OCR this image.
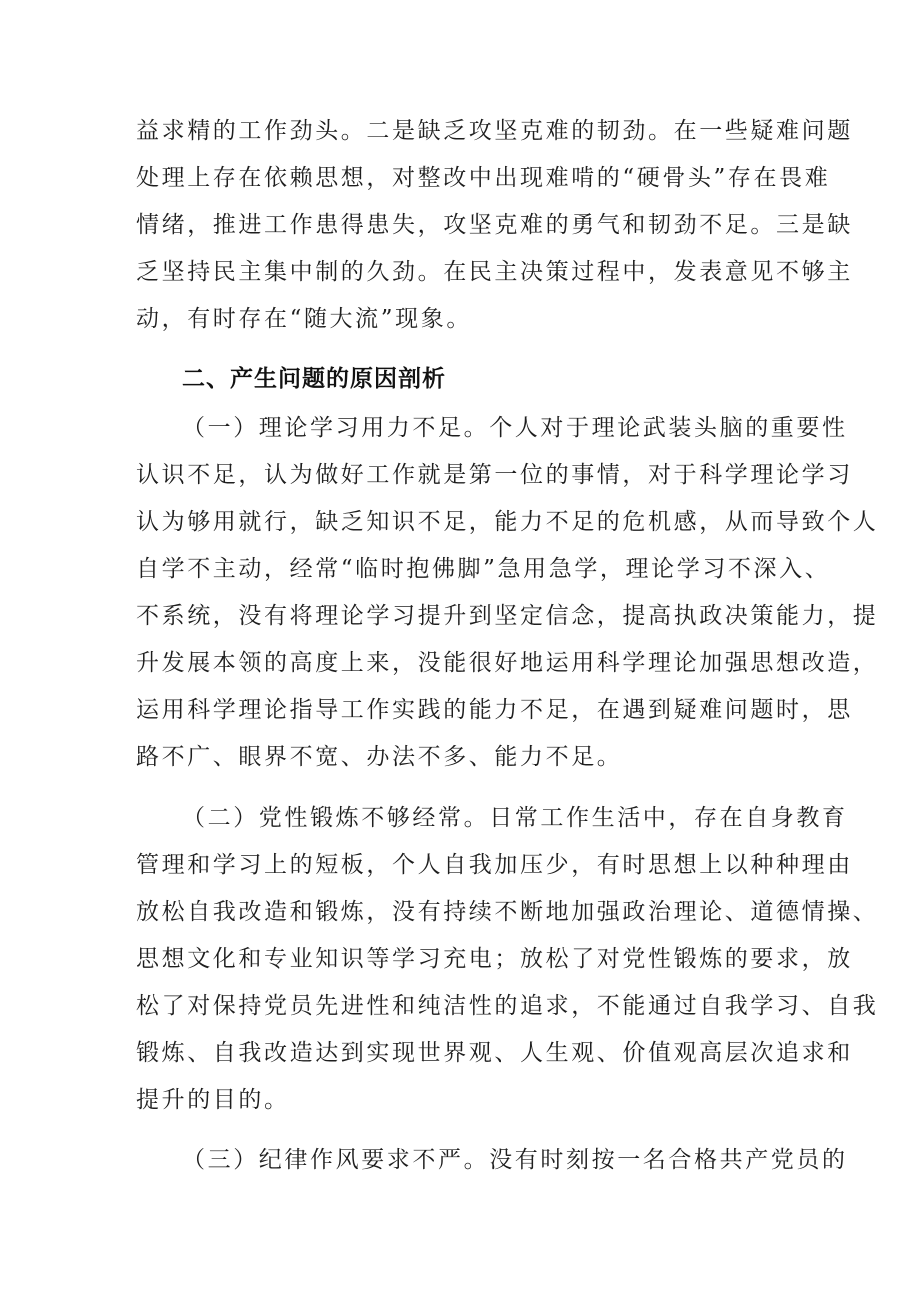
益求精的工作劲头。二是缺乏攻坚克难的韧劲。在一些疑难问题
处理上存在依赖思想，对整改中出现难啃的“硬骨头”存在畏难
情绪，推进工作患得患失，攻坚克难的勇气和韧劲不足。三是缺
乏坚持民主集中制的久劲。在民主决策过程中，发表意见不够主
动，有时存在“随大流”现象。
二、产生问题的原因剖析
（一）理论学习用力不足。个人对于理论武装头脑的重要性
认识不足，认为做好工作就是第一位的事情，对于科学理论学习
认为够用就行，缺乏知识不足，能力不足的危机感，从而导致个人
自学不主动，经常“临时抱佛脚”急用急学，理论学习不深入、
不系统，没有将理论学习提升到坚定信念，提高执政决策能力，提
升发展本领的高度上来，没能很好地运用科学理论加强思想改造，
运用科学理论指导工作实践的能力不足，在遇到疑难问题时，思
路不广、眼界不宽、办法不多、能力不足。
（二）党性锻炼不够经常。日常工作生活中，存在自身教育
管理和学习上的短板，个人自我加压少，有时思想上以种种理由
放松自我改造和锻炼，没有持续不断地加强政治理论、道德情操、
思想文化和专业知识等学习充电；放松了对党性锻炼的要求，放
松了对保持党员先进性和纯洁性的追求，不能通过自我学习、自我
锻炼、自我改造达到实现世界观、人生观、价值观高层次追求和
提升的目的。
（三）纪律作风要求不严。没有时刻按一名合格共产党员的
